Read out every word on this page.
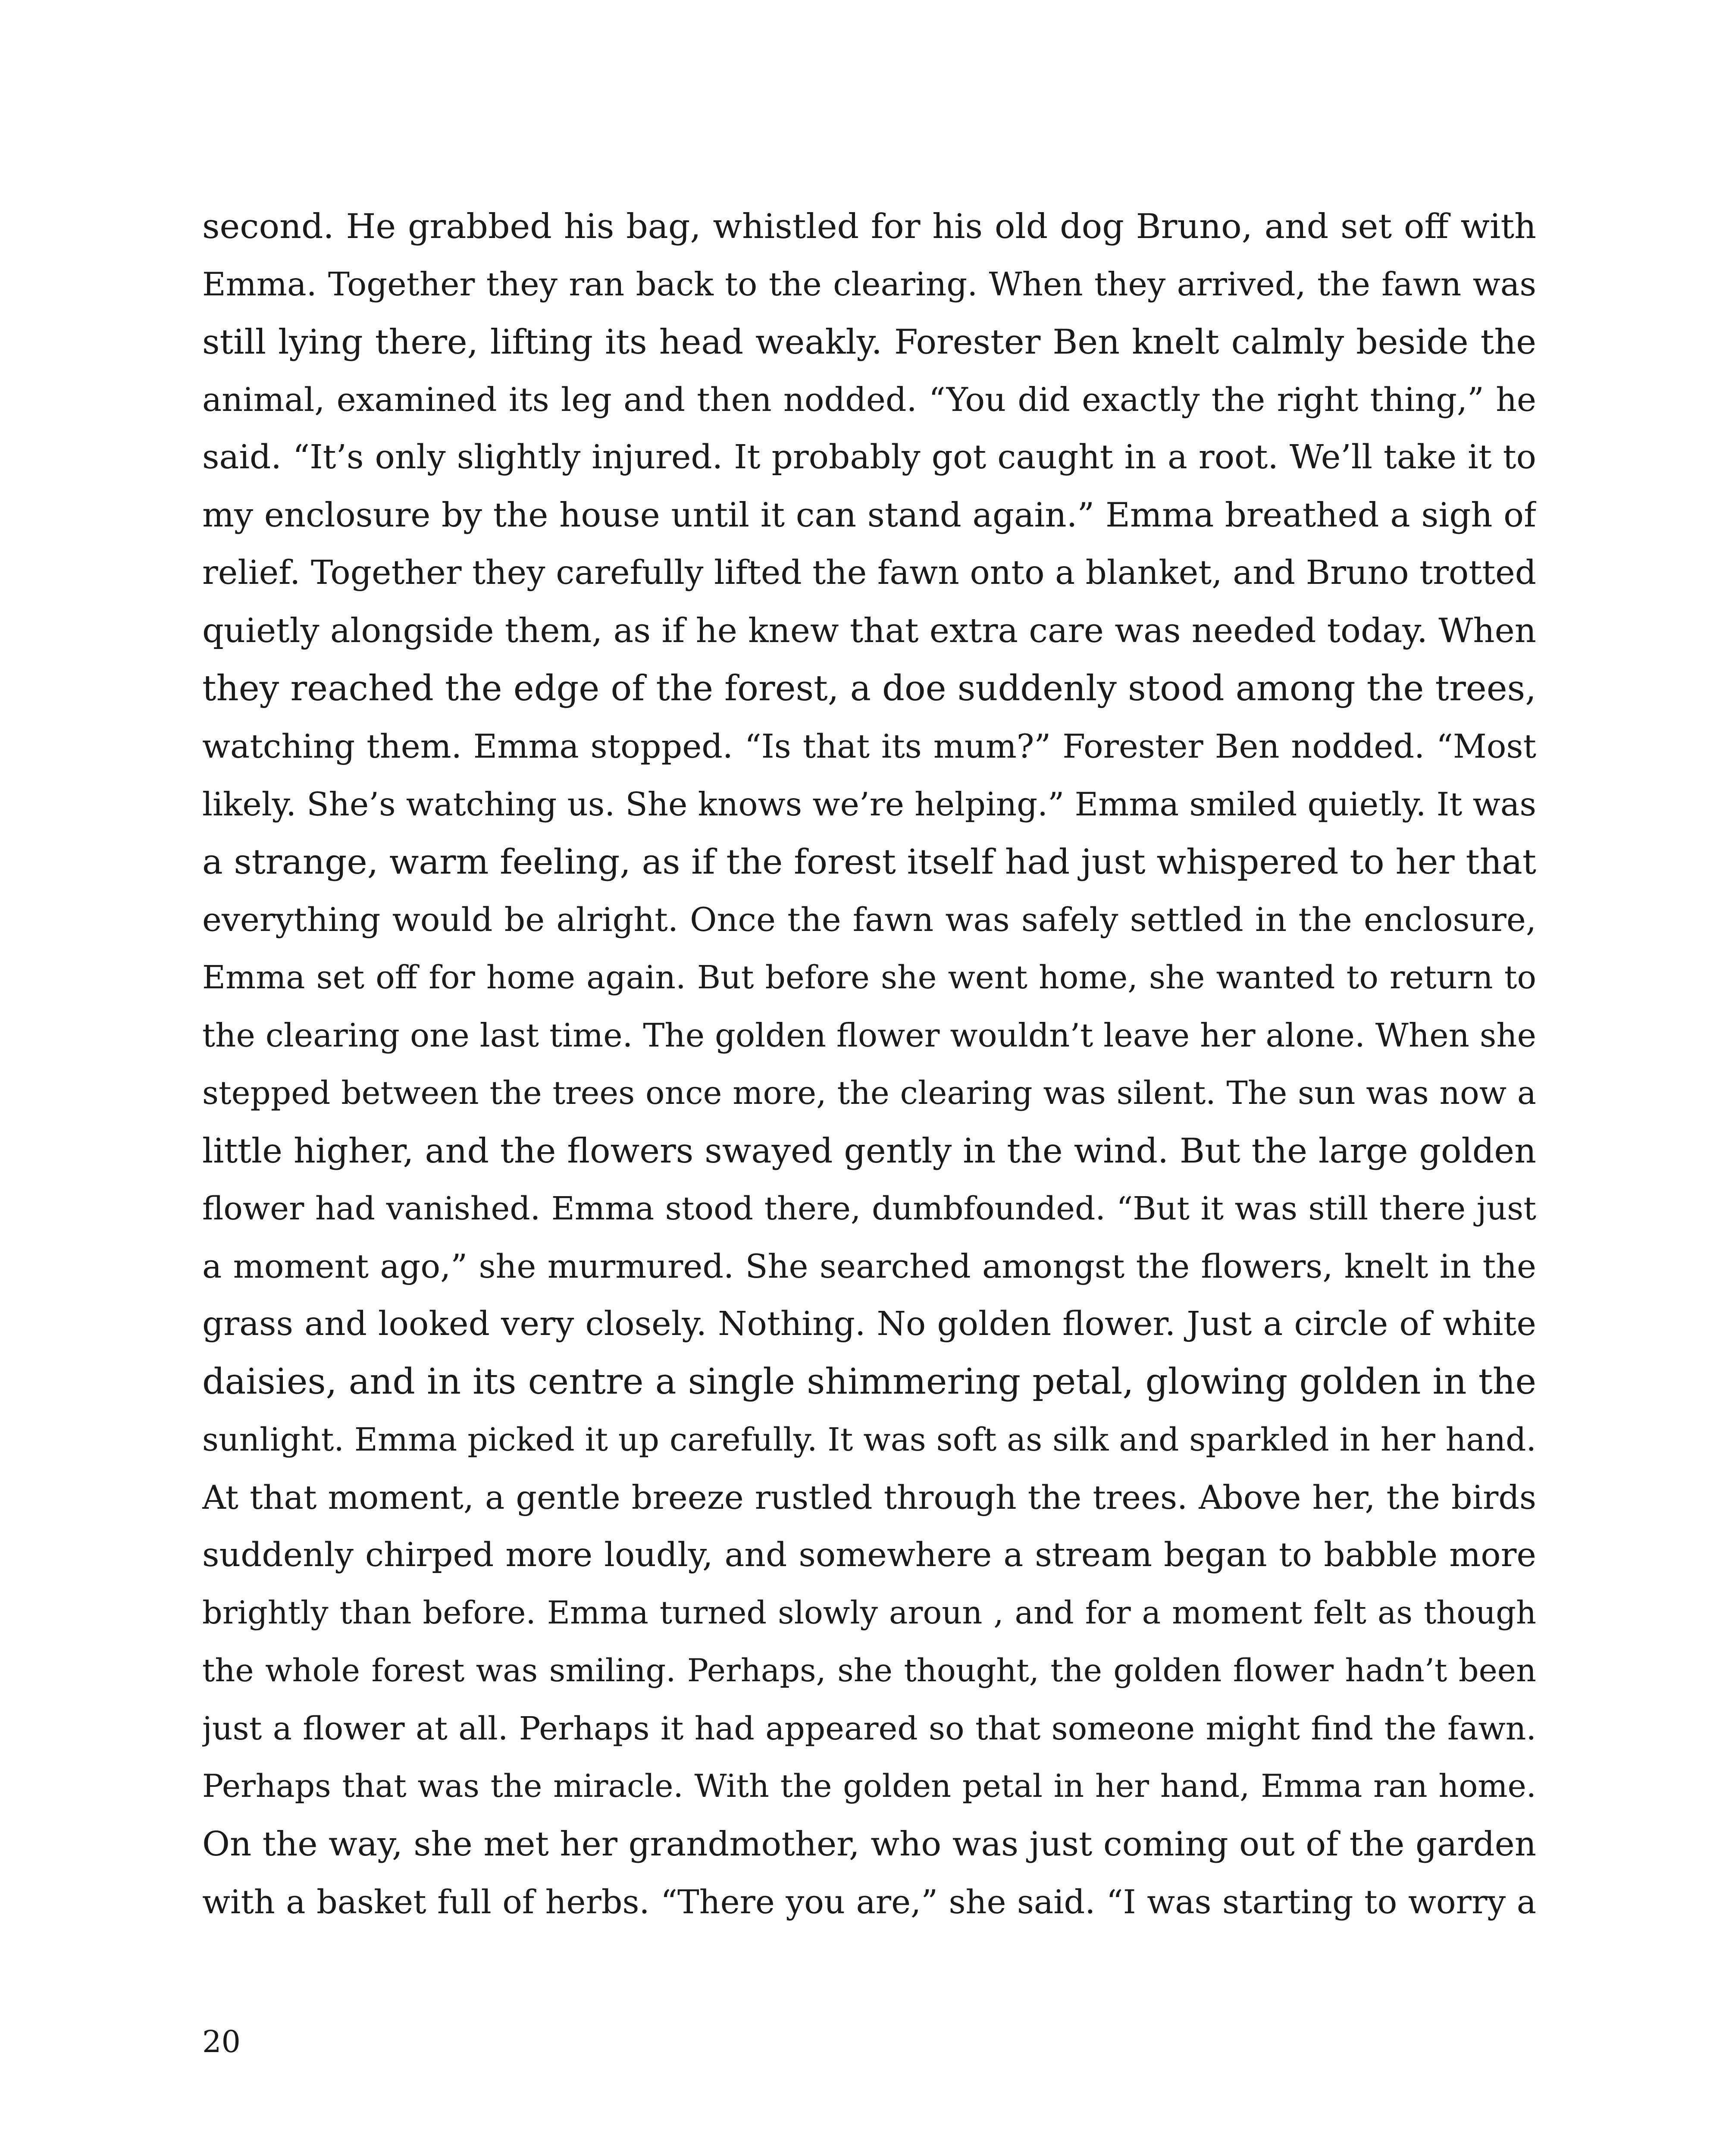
second. He grabbed his bag, whistled for his old dog Bruno, and set off with
Emma. Together they ran back to the clearing. When they arrived, the fawn was
still lying there, lifting its head weakly. Forester Ben knelt calmly beside the
animal, examined its leg and then nodded. “You did exactly the right thing,” he
said. “It’s only slightly injured. It probably got caught in a root. We’ll take it to
my enclosure by the house until it can stand again.” Emma breathed a sigh of
relief. Together they carefully lifted the fawn onto a blanket, and Bruno trotted
quietly alongside them, as if he knew that extra care was needed today. When
they reached the edge of the forest, a doe suddenly stood among the trees,
watching them. Emma stopped. “Is that its mum?” Forester Ben nodded. “Most
likely. She’s watching us. She knows we’re helping.” Emma smiled quietly. It was
a strange, warm feeling, as if the forest itself had just whispered to her that
everything would be alright. Once the fawn was safely settled in the enclosure,
Emma set off for home again. But before she went home, she wanted to return to
the clearing one last time. The golden flower wouldn’t leave her alone. When she
stepped between the trees once more, the clearing was silent. The sun was now a
little higher, and the flowers swayed gently in the wind. But the large golden
flower had vanished. Emma stood there, dumbfounded. “But it was still there just
a moment ago,” she murmured. She searched amongst the flowers, knelt in the
grass and looked very closely. Nothing. No golden flower. Just a circle of white
daisies, and in its centre a single shimmering petal, glowing golden in the
sunlight. Emma picked it up carefully. It was soft as silk and sparkled in her hand.
At that moment, a gentle breeze rustled through the trees. Above her, the birds
suddenly chirped more loudly, and somewhere a stream began to babble more
brightly than before. Emma turned slowly aroun , and for a moment felt as though
the whole forest was smiling. Perhaps, she thought, the golden flower hadn’t been
just a flower at all. Perhaps it had appeared so that someone might find the fawn.
Perhaps that was the miracle. With the golden petal in her hand, Emma ran home.
On the way, she met her grandmother, who was just coming out of the garden
with a basket full of herbs. “There you are,” she said. “I was starting to worry a
20
